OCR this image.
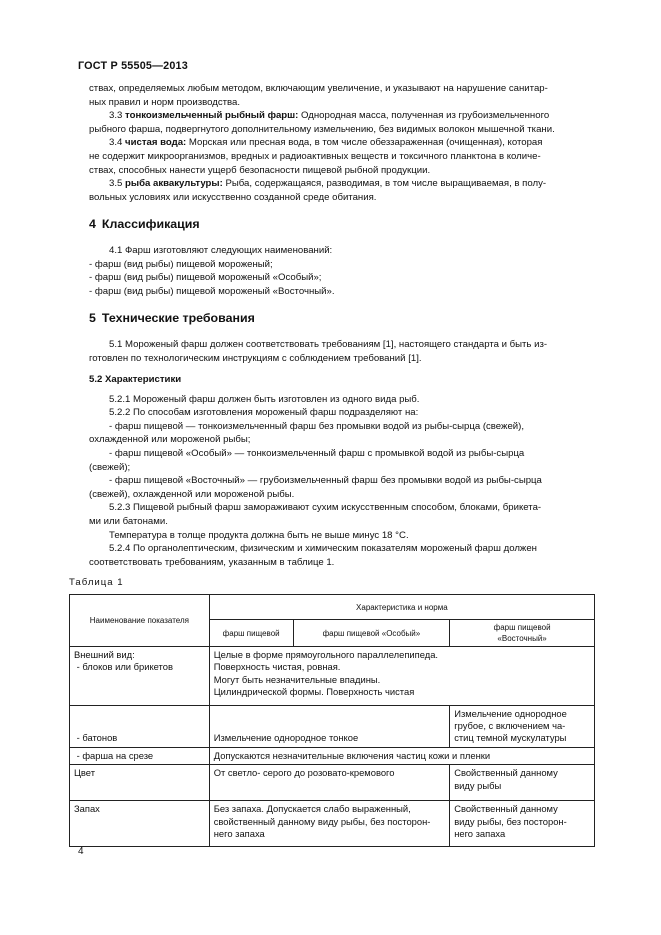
ГОСТ Р 55505—2013

ствах, определяемых любым методом, включающим увеличение, и указывают на нарушение санитар-

ных правил и норм производства.

3.3 тонкоизмельченный рыбный фарш: Однородная масса, полученная из грубоизмельченного

рыбного фарша, подвергнутого дополнительному измельчению, без видимых волокон мышечной ткани.

3.4 чистая вода: Морская или пресная вода, в том числе обеззараженная (очищенная), которая

не содержит микроорганизмов, вредных и радиоактивных веществ и токсичного планктона в количе-

ствах, способных нанести ущерб безопасности пищевой рыбной продукции.

3.5 рыба аквакультуры: Рыба, содержащаяся, разводимая, в том числе выращиваемая, в полу-

вольных условиях или искусственно созданной среде обитания.

4 Классификация

4.1 Фарш изготовляют следующих наименований:

- фарш (вид рыбы) пищевой мороженый;

- фарш (вид рыбы) пищевой мороженый «Особый»;

- фарш (вид рыбы) пищевой мороженый «Восточный».

5 Технические требования

5.1 Мороженый фарш должен соответствовать требованиям [1], настоящего стандарта и быть из-

готовлен по технологическим инструкциям с соблюдением требований [1].

5.2 Характеристики

5.2.1 Мороженый фарш должен быть изготовлен из одного вида рыб.

5.2.2 По способам изготовления мороженый фарш подразделяют на:

- фарш пищевой — тонкоизмельченный фарш без промывки водой из рыбы-сырца (свежей),

охлажденной или мороженой рыбы;

- фарш пищевой «Особый» — тонкоизмельченный фарш с промывкой водой из рыбы-сырца

(свежей);

- фарш пищевой «Восточный» — грубоизмельченный фарш без промывки водой из рыбы-сырца

(свежей), охлажденной или мороженой рыбы.

5.2.3 Пищевой рыбный фарш замораживают сухим искусственным способом, блоками, брикета-

ми или батонами.

Температура в толще продукта должна быть не выше минус 18 °С.

5.2.4 По органолептическим, физическим и химическим показателям мороженый фарш должен

соответствовать требованиям, указанным в таблице 1.

Таблица 1
Наименование показателя	Характеристика и норма		
	фарш пищевой	фарш пищевой «Особый»	фарш пищевой
«Восточный»
Внешний вид:
- блоков или брикетов	Целые в форме прямоугольного параллелепипеда.
Поверхность чистая, ровная.
Могут быть незначительные впадины.
Цилиндрической формы. Поверхность чистая		
- батонов	Измельчение однородное тонкое		Измельчение однородное
грубое, с включением ча-
стиц темной мускулатуры
- фарша на срезе	Допускаются незначительные включения частиц кожи и пленки		
Цвет	От светло- серого до розовато-кремового		Свойственный данному
виду рыбы
Запах	Без запаха. Допускается слабо выраженный,
свойственный данному виду рыбы, без посторон-
него запаха		Свойственный данному
виду рыбы, без посторон-
него запаха
4
